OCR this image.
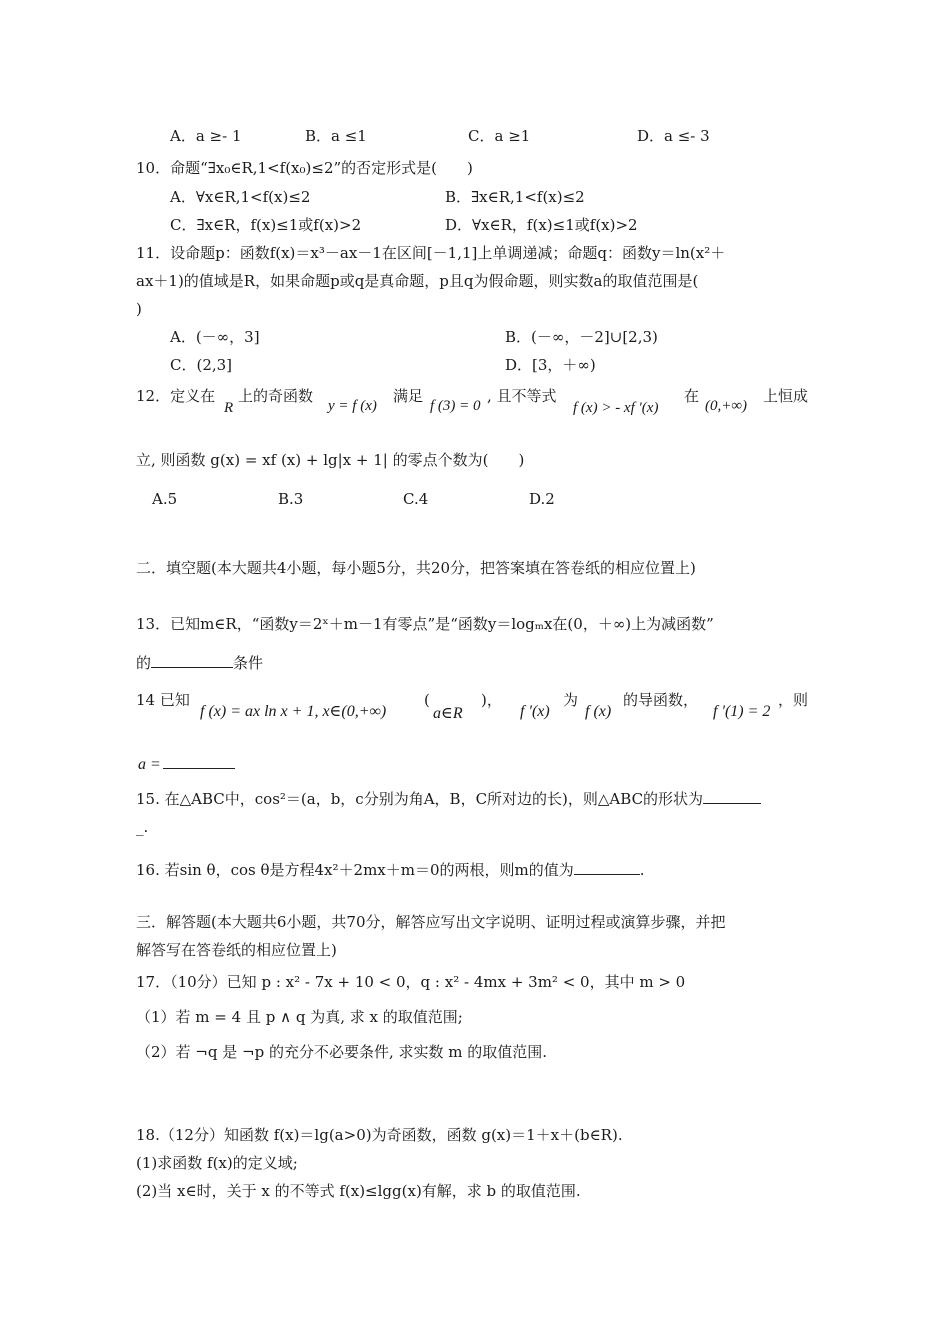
A．a ≥- 1	B．a ≤1	C．a ≥1	D．a ≤- 3
10．命题“∃x₀∈R,1<f(x₀)≤2”的否定形式是(　　)
A．∀x∈R,1<f(x)≤2	B．∃x∈R,1<f(x)≤2
C．∃x∈R，f(x)≤1或f(x)>2	D．∀x∈R，f(x)≤1或f(x)>2
11．设命题p：函数f(x)＝x³－ax－1在区间[－1,1]上单调递减；命题q：函数y＝ln(x²＋
ax＋1)的值域是R，如果命题p或q是真命题，p且q为假命题，则实数a的取值范围是(
)
A．(－∞，3]	B．(－∞，－2]∪[2,3)
C．(2,3]	D．[3，＋∞)
12．定义在
R
上的奇函数
y = f (x)
满足
f (3) = 0
, 且不等式
f (x) > - xf ′(x)
在
(0,+∞)
上恒成
立, 则函数 g(x) = xf (x) + lg|x + 1| 的零点个数为(　　)
A.5	B.3	C.4	D.2
二．填空题(本大题共4小题，每小题5分，共20分，把答案填在答卷纸的相应位置上)
13．已知m∈R，“函数y＝2ˣ＋m－1有零点”是“函数y＝logₘx在(0，＋∞)上为减函数”
的	条件
14 已知
f (x) = ax ln x + 1, x∈(0,+∞)
(
a∈R
)，
f ′(x)
为
f (x)
的导函数，
f ′(1) = 2
，则
a =
15. 在△ABC中，cos²＝(a，b，c分别为角A，B，C所对边的长)，则△ABC的形状为
_.
16. 若sin θ，cos θ是方程4x²＋2mx＋m＝0的两根，则m的值为	.
三．解答题(本大题共6小题，共70分，解答应写出文字说明、证明过程或演算步骤，并把
解答写在答卷纸的相应位置上)
17．（10分）已知 p : x² - 7x + 10 < 0，q : x² - 4mx + 3m² < 0，其中 m > 0
（1）若 m = 4 且 p ∧ q 为真, 求 x 的取值范围;
（2）若 ¬q 是 ¬p 的充分不必要条件, 求实数 m 的取值范围.
18.（12分）知函数 f(x)＝lg(a>0)为奇函数，函数 g(x)＝1＋x＋(b∈R).
(1)求函数 f(x)的定义域;
(2)当 x∈时，关于 x 的不等式 f(x)≤lgg(x)有解，求 b 的取值范围.
